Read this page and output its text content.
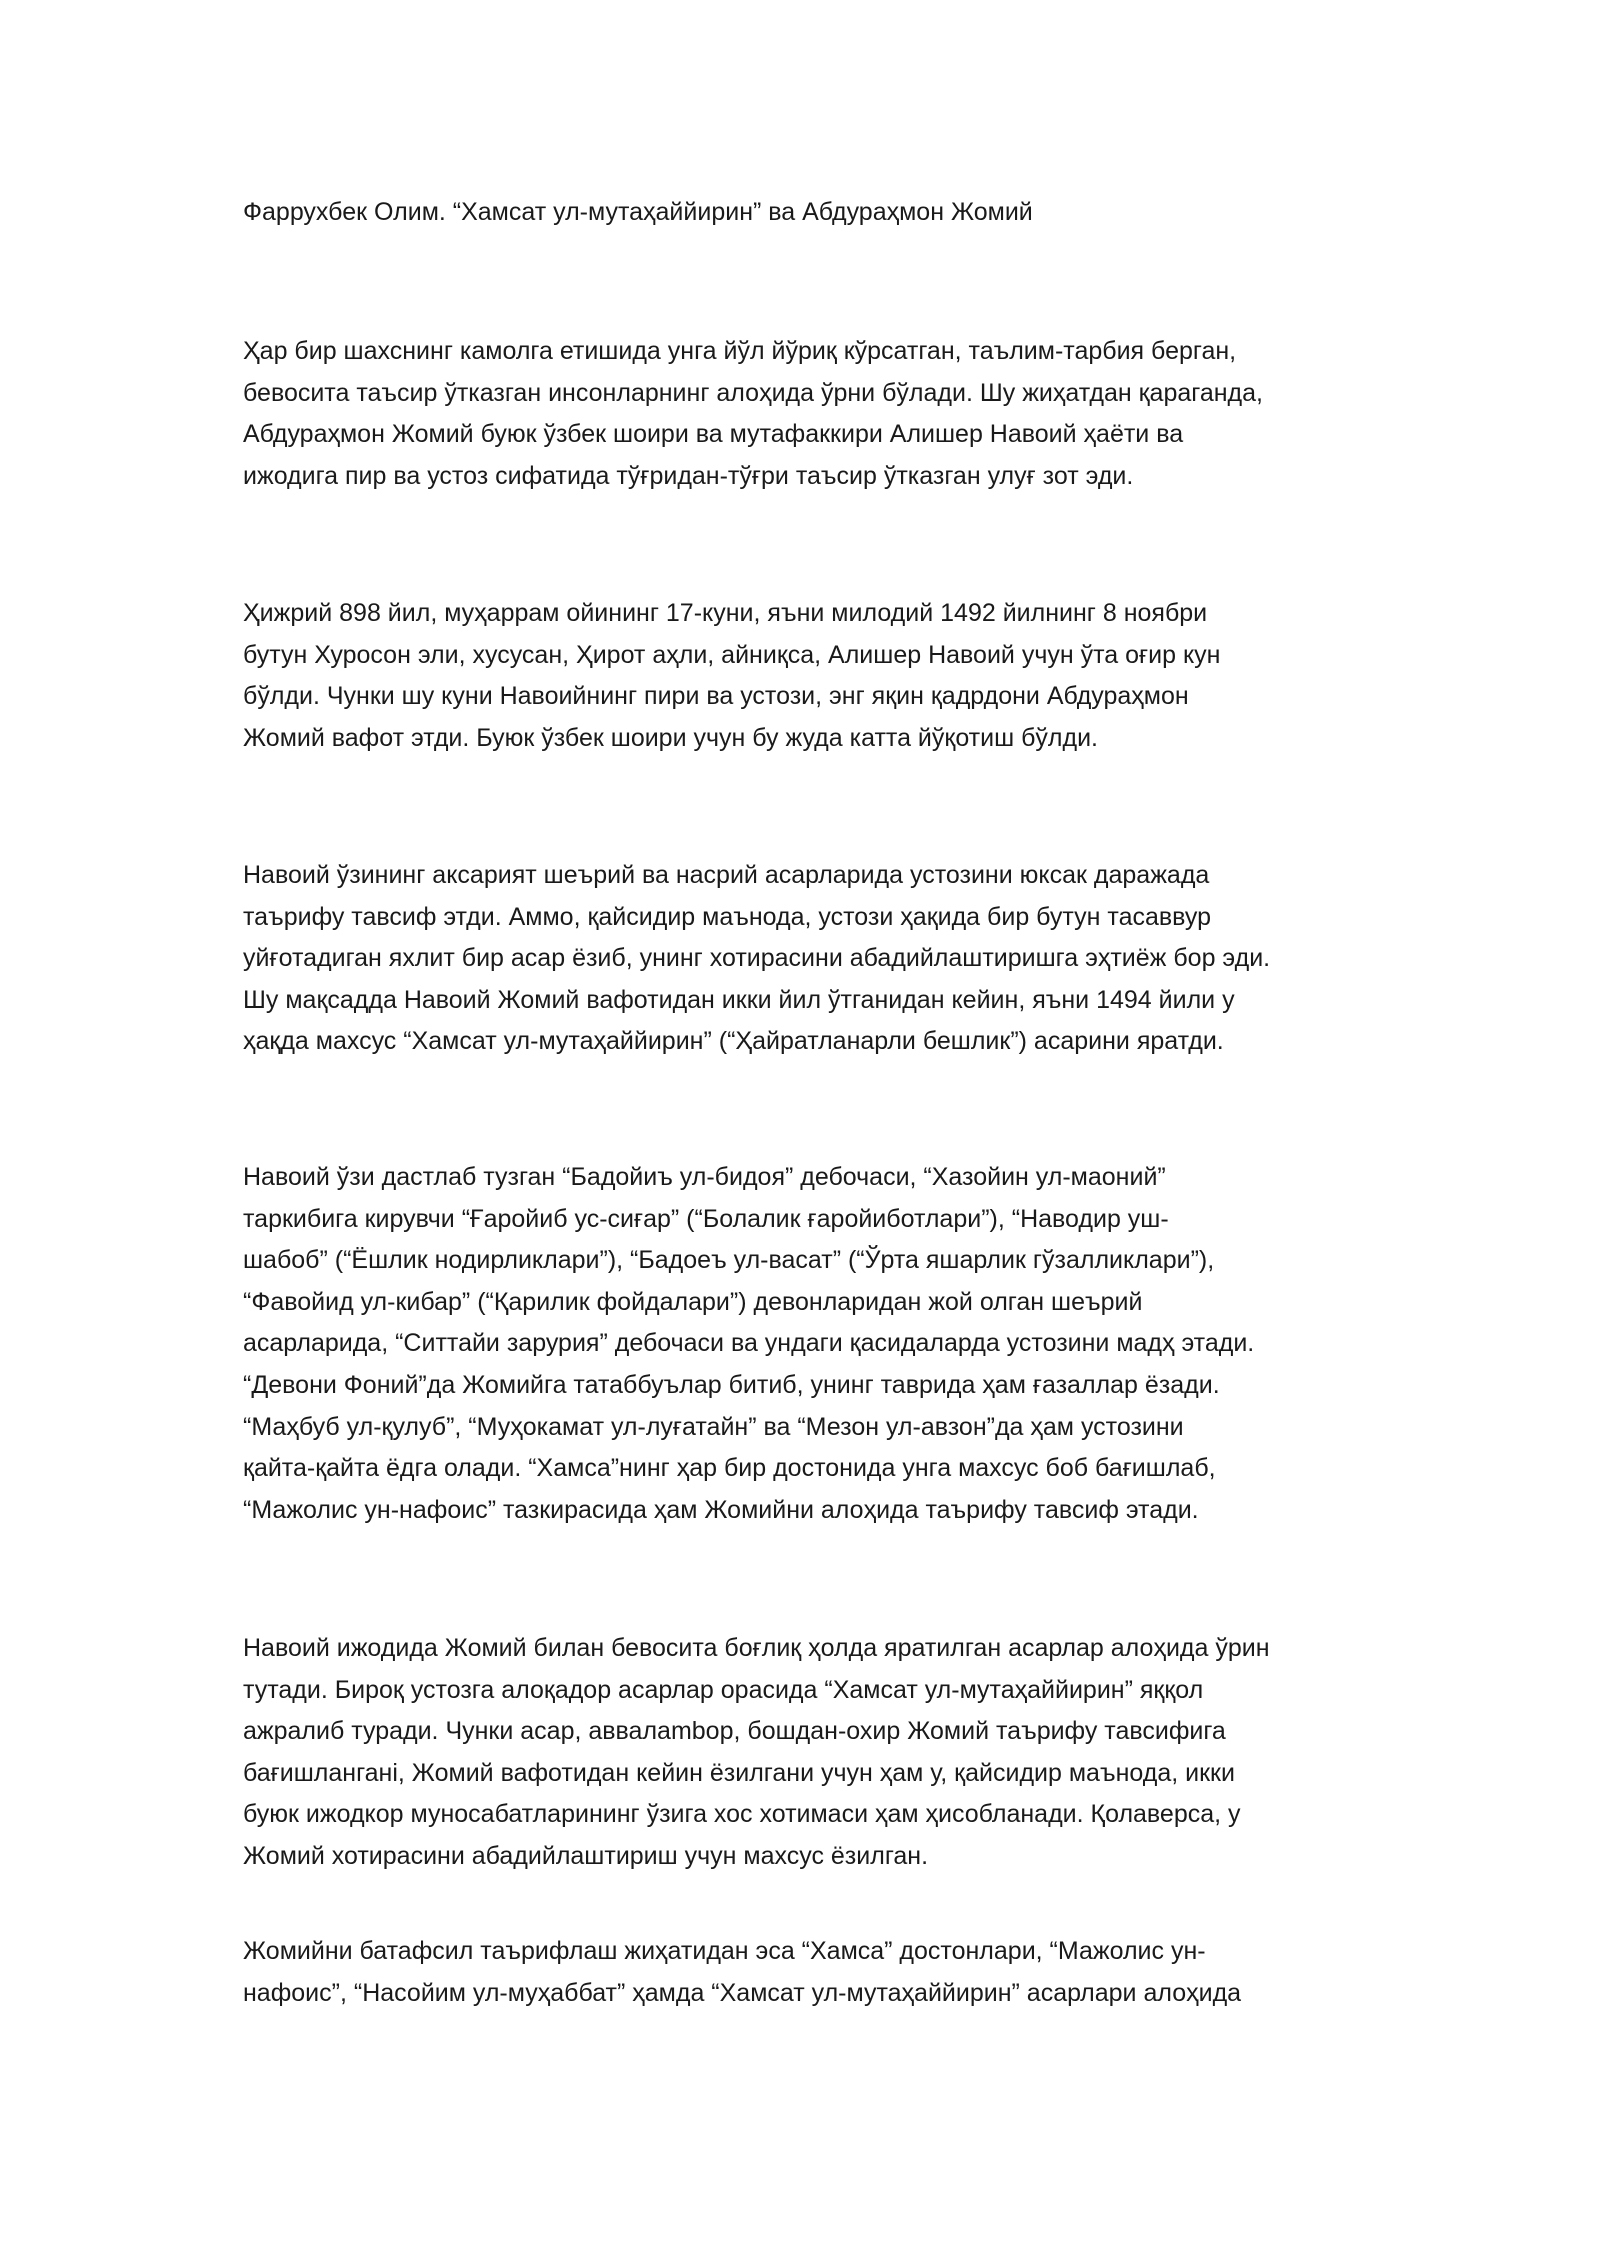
Фаррухбек Олим. “Хамсат ул-мутаҳаййирин” ва Абдураҳмон Жомий

Ҳар бир шахснинг камолга етишида унга йўл йўриқ кўрсатган, таълим-тарбия берган,
бевосита таъсир ўтказган инсонларнинг алоҳида ўрни бўлади. Шу жиҳатдан қараганда,
Абдураҳмон Жомий буюк ўзбек шоири ва мутафаккири Алишер Навоий ҳаёти ва
ижодига пир ва устоз сифатида тўғридан-тўғри таъсир ўтказган улуғ зот эди.

Ҳижрий 898 йил, муҳаррам ойининг 17-куни, яъни милодий 1492 йилнинг 8 ноябри
бутун Хуросон эли, хусусан, Ҳирот аҳли, айниқса, Алишер Навоий учун ўта оғир кун
бўлди. Чунки шу куни Навоийнинг пири ва устози, энг яқин қадрдони Абдураҳмон
Жомий вафот этди. Буюк ўзбек шоири учун бу жуда катта йўқотиш бўлди.

Навоий ўзининг аксарият шеърий ва насрий асарларида устозини юксак даражада
таърифу тавсиф этди. Аммо, қайсидир маънода, устози ҳақида бир бутун тасаввур
уйғотадиган яхлит бир асар ёзиб, унинг хотирасини абадийлаштиришга эҳтиёж бор эди.
Шу мақсадда Навоий Жомий вафотидан икки йил ўтганидан кейин, яъни 1494 йили у
ҳақда махсус “Хамсат ул-мутаҳаййирин” (“Ҳайратланарли бешлик”) асарини яратди.

Навоий ўзи дастлаб тузган “Бадойиъ ул-бидоя” дебочаси, “Хазойин ул-маоний”
таркибига кирувчи “Ғаройиб ус-сиғар” (“Болалик ғаройиботлари”), “Наводир уш-
шабоб” (“Ёшлик нодирликлари”), “Бадоеъ ул-васат” (“Ўрта яшарлик гўзалликлари”),
“Фавойид ул-кибар” (“Қарилик фойдалари”) девонларидан жой олган шеърий
асарларида, “Ситтайи зарурия” дебочаси ва ундаги қасидаларда устозини мадҳ этади.
“Девони Фоний”да Жомийга татаббуълар битиб, унинг таврида ҳам ғазаллар ёзади.
“Маҳбуб ул-қулуб”, “Муҳокамат ул-луғатайн” ва “Мезон ул-авзон”да ҳам устозини
қайта-қайта ёдга олади. “Хамса”нинг ҳар бир достонида унга махсус боб бағишлаб,
“Мажолис ун-нафоис” тазкирасида ҳам Жомийни алоҳида таърифу тавсиф этади.

Навоий ижодида Жомий билан бевосита боғлиқ ҳолда яратилган асарлар алоҳида ўрин
тутади. Бироқ устозга алоқадор асарлар орасида “Хамсат ул-мутаҳаййирин” яққол
ажралиб туради. Чунки асар, аввалambор, бошдан-охир Жомий таърифу тавсифига
бағишланганi, Жомий вафотидан кейин ёзилгани учун ҳам у, қайсидир маънода, икки
буюк ижодкор муносабатларининг ўзига хос хотимаси ҳам ҳисобланади. Қолаверса, у
Жомий хотирасини абадийлаштириш учун махсус ёзилган.

Жомийни батафсил таърифлаш жиҳатидан эса “Хамса” достонлари, “Мажолис ун-
нафоис”, “Насойим ул-муҳаббат” ҳамда “Хамсат ул-мутаҳаййирин” асарлари алоҳида
